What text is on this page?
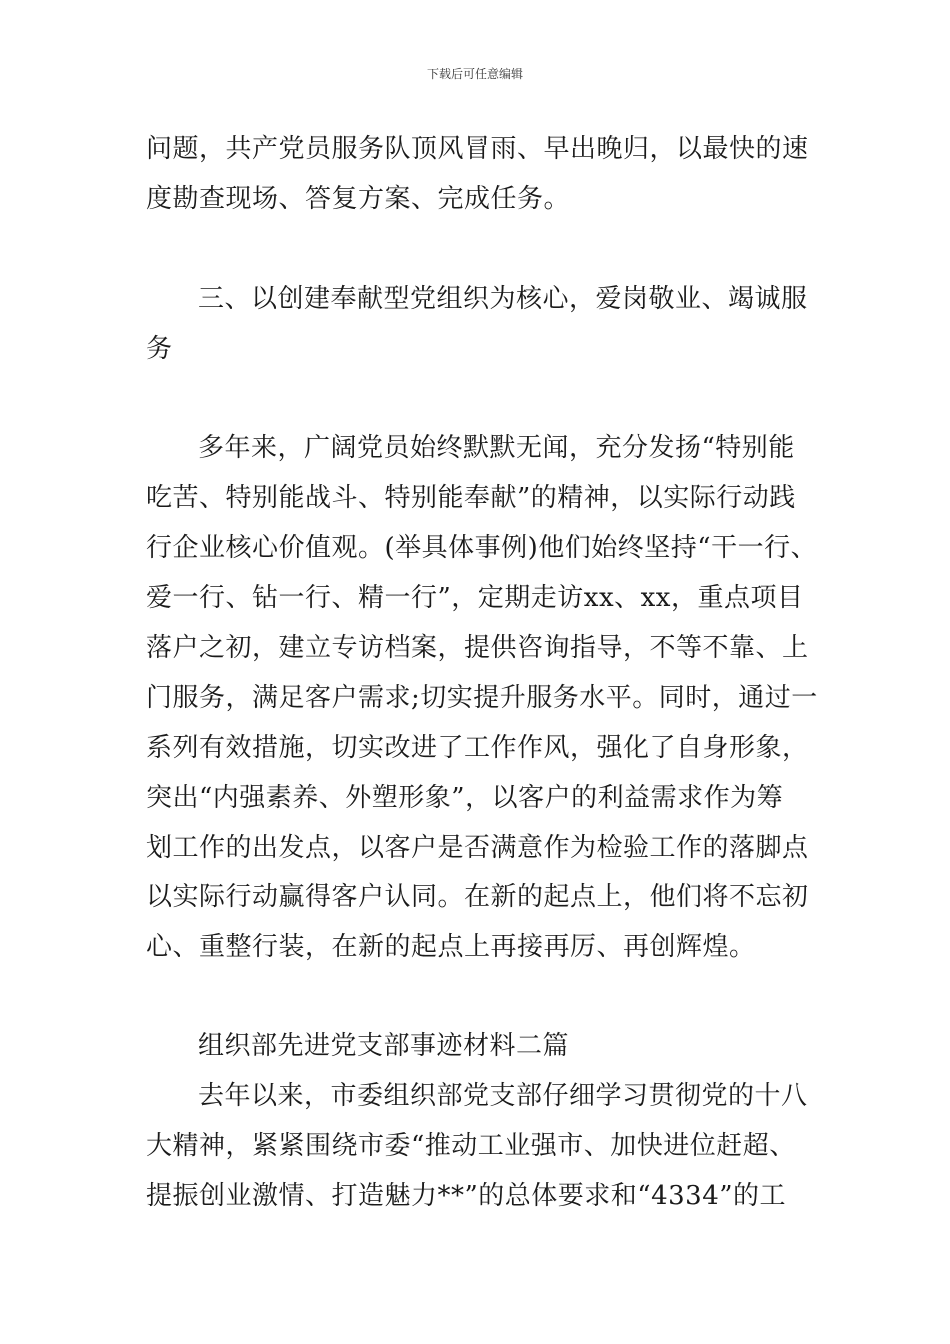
下载后可任意编辑
问题，共产党员服务队顶风冒雨、早出晚归，以最快的速
度勘查现场、答复方案、完成任务。
三、以创建奉献型党组织为核心，爱岗敬业、竭诚服
务
多年来，广阔党员始终默默无闻，充分发扬“特别能
吃苦、特别能战斗、特别能奉献”的精神，以实际行动践
行企业核心价值观。(举具体事例)他们始终坚持“干一行、
爱一行、钻一行、精一行”，定期走访xx、xx，重点项目
落户之初，建立专访档案，提供咨询指导，不等不靠、上
门服务，满足客户需求;切实提升服务水平。同时，通过一
系列有效措施，切实改进了工作作风，强化了自身形象，
突出“内强素养、外塑形象”，以客户的利益需求作为筹
划工作的出发点，以客户是否满意作为检验工作的落脚点
以实际行动赢得客户认同。在新的起点上，他们将不忘初
心、重整行装，在新的起点上再接再厉、再创辉煌。
组织部先进党支部事迹材料二篇
去年以来，市委组织部党支部仔细学习贯彻党的十八
大精神，紧紧围绕市委“推动工业强市、加快进位赶超、
提振创业激情、打造魅力**”的总体要求和“4334”的工
